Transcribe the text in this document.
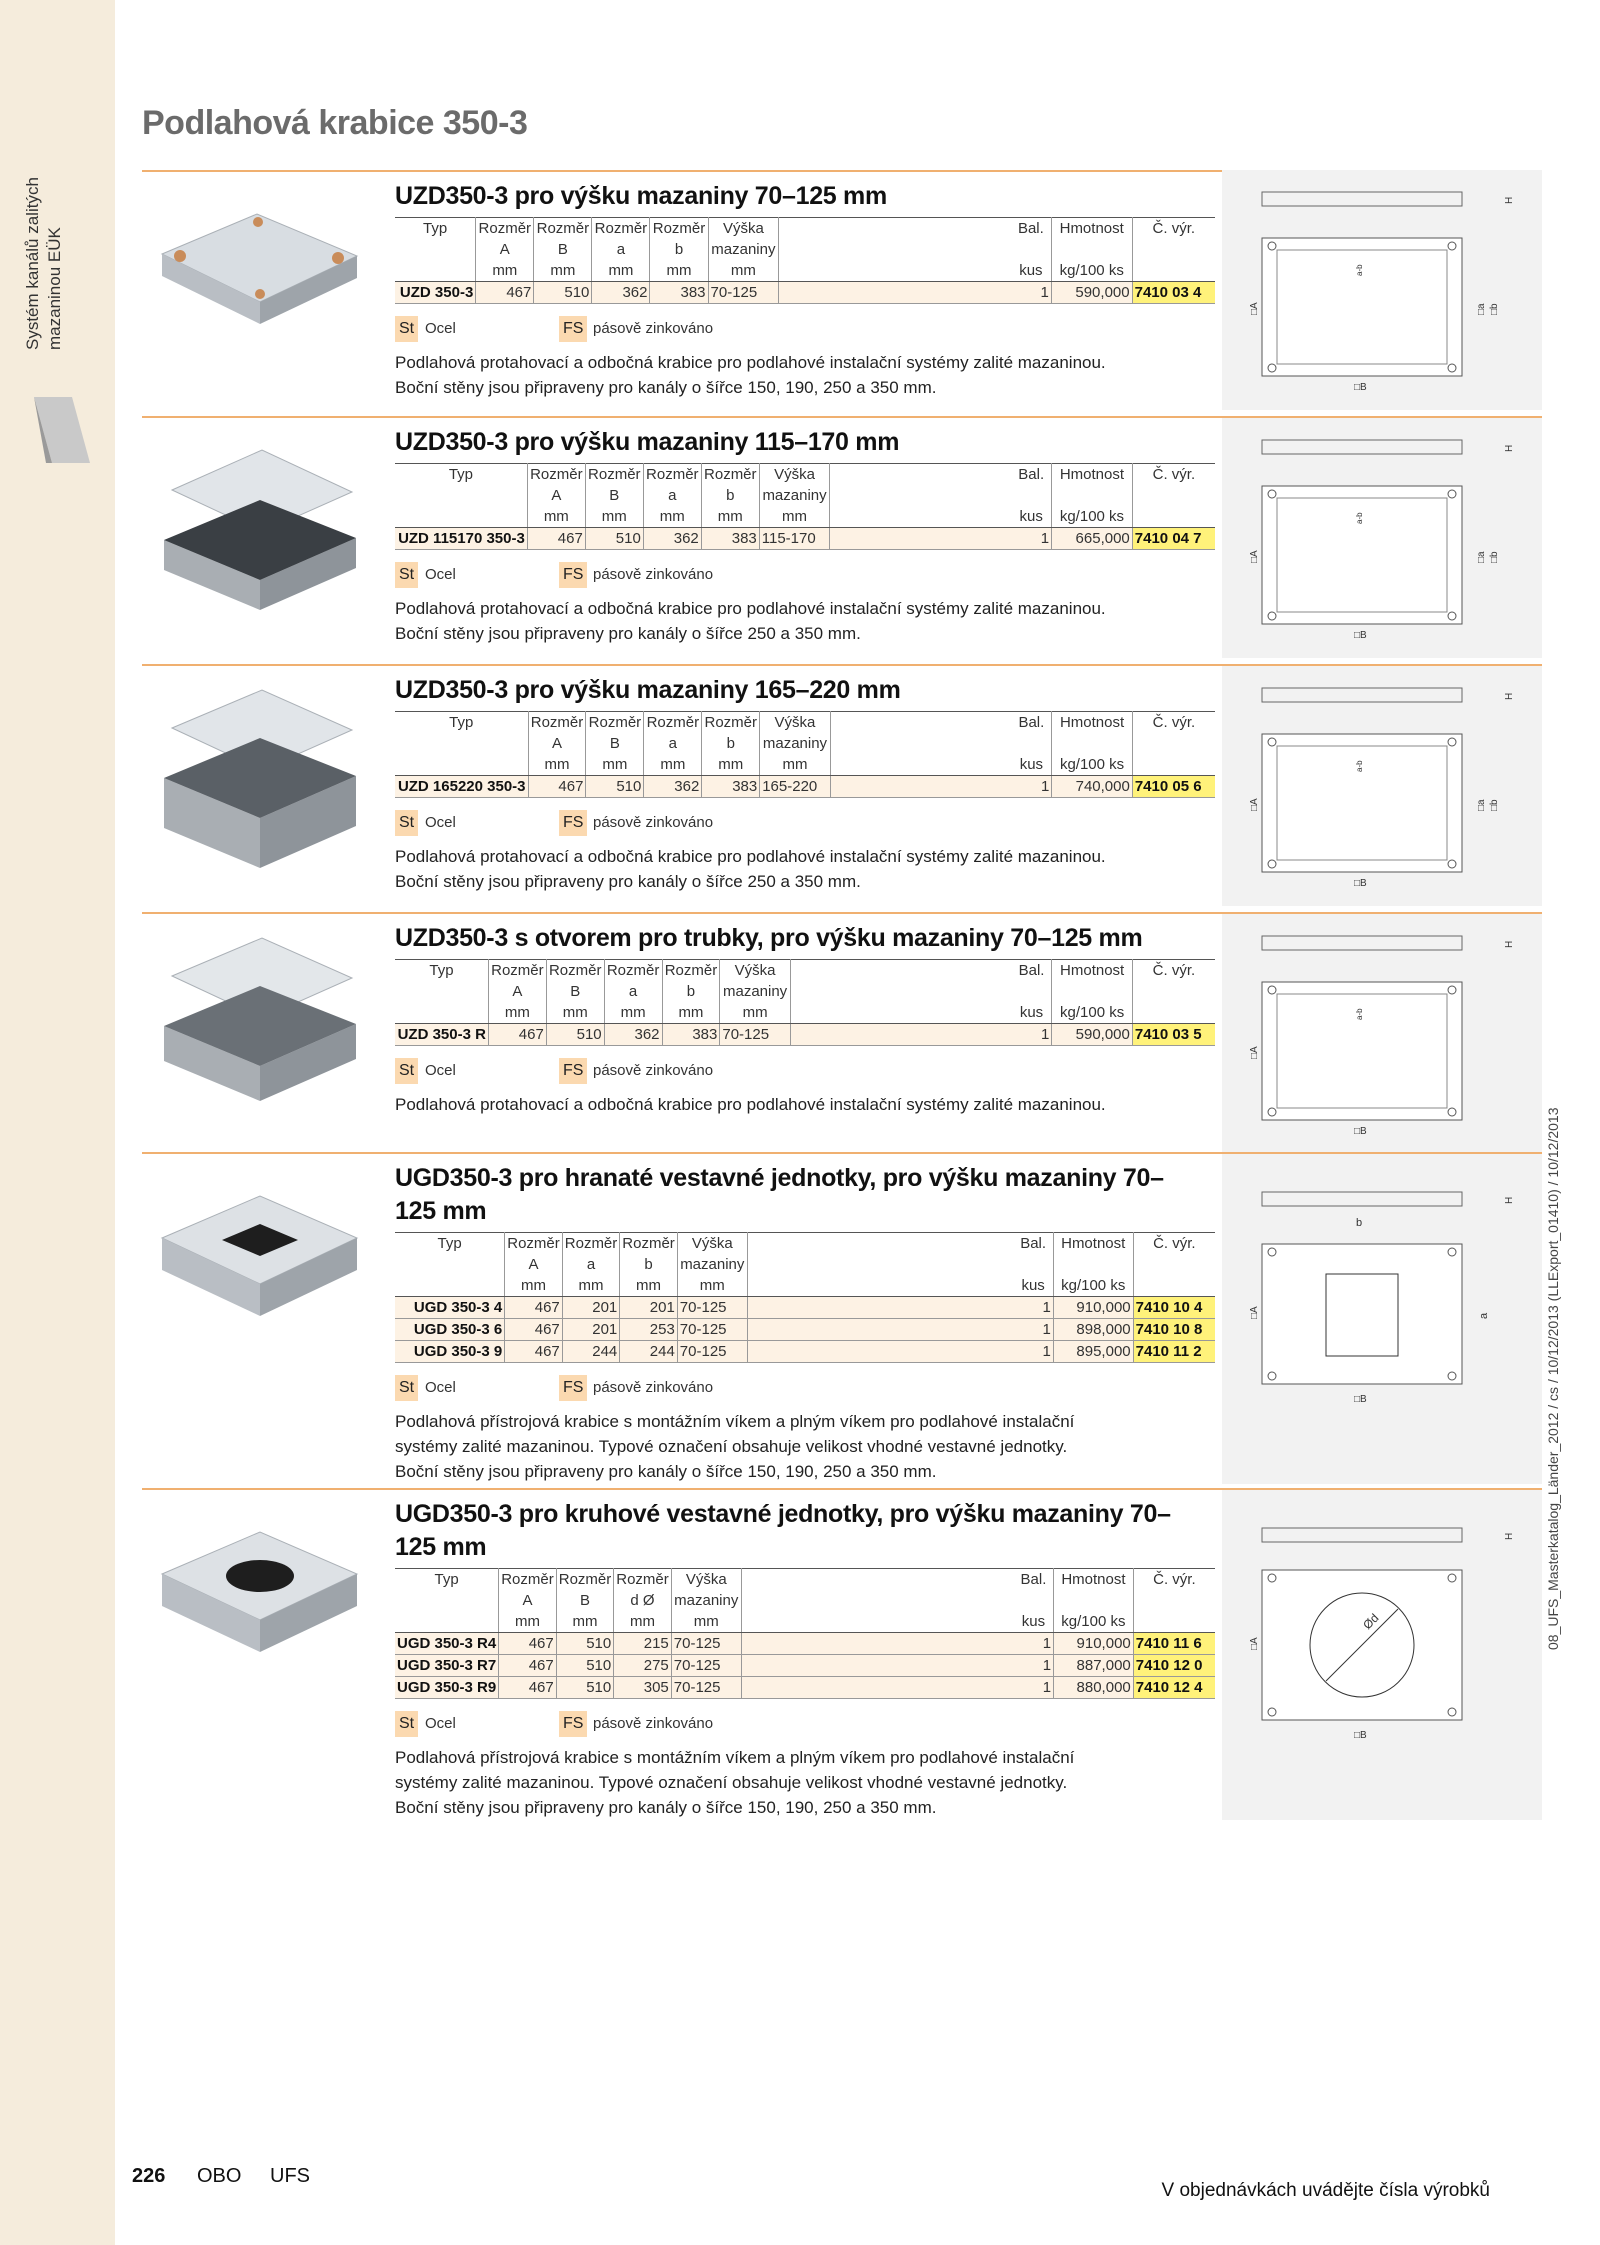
mazaninou EÜK
Podlahová krabice 350-3
UZD350-3 pro výšku mazaniny 70–125 mm
Typ	Rozměr	Rozměr	Rozměr	Rozměr	Výška		Bal.	Hmotnost	Č. výr.
	A	B	a	b	mazaniny				
	mm	mm	mm	mm	mm		kus	kg/100 ks	
UZD 350-3	467	510	362	383	70-125		1	590,000	7410 03 4
St Ocel	FS pásově zinkováno
Podlahová protahovací a odbočná krabice pro podlahové instalační systémy zalité mazaninou.
Boční stěny jsou připraveny pro kanály o šířce 150, 190, 250 a 350 mm.
H
□A
□B
□a □b
a-b
UZD350-3 pro výšku mazaniny 115–170 mm
Typ	Rozměr	Rozměr	Rozměr	Rozměr	Výška		Bal.	Hmotnost	Č. výr.
	A	B	a	b	mazaniny				
	mm	mm	mm	mm	mm		kus	kg/100 ks	
UZD 115170 350-3	467	510	362	383	115-170		1	665,000	7410 04 7
St Ocel	FS pásově zinkováno
Podlahová protahovací a odbočná krabice pro podlahové instalační systémy zalité mazaninou.
Boční stěny jsou připraveny pro kanály o šířce 250 a 350 mm.
H
□A
□B
□a □b
a-b
UZD350-3 pro výšku mazaniny 165–220 mm
Typ	Rozměr	Rozměr	Rozměr	Rozměr	Výška		Bal.	Hmotnost	Č. výr.
	A	B	a	b	mazaniny				
	mm	mm	mm	mm	mm		kus	kg/100 ks	
UZD 165220 350-3	467	510	362	383	165-220		1	740,000	7410 05 6
St Ocel	FS pásově zinkováno
Podlahová protahovací a odbočná krabice pro podlahové instalační systémy zalité mazaninou.
Boční stěny jsou připraveny pro kanály o šířce 250 a 350 mm.
H
□A
□B
□a □b
a-b
UZD350-3 s otvorem pro trubky, pro výšku mazaniny 70–125 mm
Typ	Rozměr	Rozměr	Rozměr	Rozměr	Výška		Bal.	Hmotnost	Č. výr.
	A	B	a	b	mazaniny				
	mm	mm	mm	mm	mm		kus	kg/100 ks	
UZD 350-3 R	467	510	362	383	70-125		1	590,000	7410 03 5
St Ocel	FS pásově zinkováno
Podlahová protahovací a odbočná krabice pro podlahové instalační systémy zalité mazaninou.
H
□A
□B
a-b
UGD350-3 pro hranaté vestavné jednotky, pro výšku mazaniny 70–125 mm
Typ	Rozměr	Rozměr	Rozměr	Výška		Bal.	Hmotnost	Č. výr.
	A	a	b	mazaniny				
	mm	mm	mm	mm		kus	kg/100 ks	
UGD 350-3 4	467	201	201	70-125		1	910,000	7410 10 4
UGD 350-3 6	467	201	253	70-125		1	898,000	7410 10 8
UGD 350-3 9	467	244	244	70-125		1	895,000	7410 11 2
St Ocel	FS pásově zinkováno
Podlahová přístrojová krabice s montážním víkem a plným víkem pro podlahové instalační
systémy zalité mazaninou. Typové označení obsahuje velikost vhodné vestavné jednotky.
Boční stěny jsou připraveny pro kanály o šířce 150, 190, 250 a 350 mm.
H
b
□A	a
□B
UGD350-3 pro kruhové vestavné jednotky, pro výšku mazaniny 70–125 mm
Typ	Rozměr	Rozměr	Rozměr	Výška		Bal.	Hmotnost	Č. výr.
	A	B	d Ø	mazaniny				
	mm	mm	mm	mm		kus	kg/100 ks	
UGD 350-3 R4	467	510	215	70-125		1	910,000	7410 11 6
UGD 350-3 R7	467	510	275	70-125		1	887,000	7410 12 0
UGD 350-3 R9	467	510	305	70-125		1	880,000	7410 12 4
St Ocel	FS pásově zinkováno
Podlahová přístrojová krabice s montážním víkem a plným víkem pro podlahové instalační
systémy zalité mazaninou. Typové označení obsahuje velikost vhodné vestavné jednotky.
Boční stěny jsou připraveny pro kanály o šířce 150, 190, 250 a 350 mm.
H
Ød
□A
□B
08_UFS_Masterkatalog_Länder_2012 / cs / 10/12/2013 (LLExport_01410) / 10/12/2013
226 OBO UFS
V objednávkách uvádějte čísla výrobků
